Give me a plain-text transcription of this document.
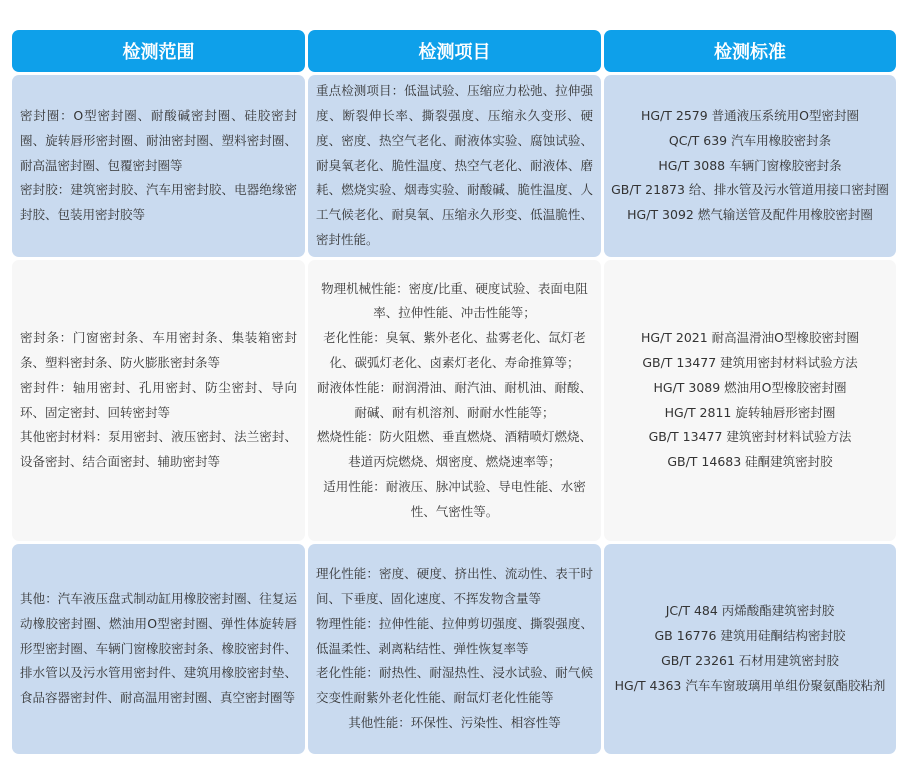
检测范围	检测项目	检测标准
密封圈：O型密封圈、耐酸碱密封圈、硅胶密封圈、旋转唇形密封圈、耐油密封圈、塑料密封圈、耐高温密封圈、包覆密封圈等
密封胶：建筑密封胶、汽车用密封胶、电器绝缘密封胶、包装用密封胶等
重点检测项目：低温试验、压缩应力松弛、拉伸强度、断裂伸长率、撕裂强度、压缩永久变形、硬度、密度、热空气老化、耐液体实验、腐蚀试验、耐臭氧老化、脆性温度、热空气老化、耐液体、磨耗、燃烧实验、烟毒实验、耐酸碱、脆性温度、人工气候老化、耐臭氧、压缩永久形变、低温脆性、密封性能。
HG/T 2579 普通液压系统用O型密封圈
QC/T 639 汽车用橡胶密封条
HG/T 3088 车辆门窗橡胶密封条
GB/T 21873 给、排水管及污水管道用接口密封圈
HG/T 3092 燃气输送管及配件用橡胶密封圈
密封条：门窗密封条、车用密封条、集装箱密封条、塑料密封条、防火膨胀密封条等
密封件：轴用密封、孔用密封、防尘密封、导向环、固定密封、回转密封等
其他密封材料：泵用密封、液压密封、法兰密封、设备密封、结合面密封、辅助密封等
物理机械性能：密度/比重、硬度试验、表面电阻率、拉伸性能、冲击性能等；
老化性能：臭氧、紫外老化、盐雾老化、氙灯老化、碳弧灯老化、卤素灯老化、寿命推算等；
耐液体性能：耐润滑油、耐汽油、耐机油、耐酸、耐碱、耐有机溶剂、耐耐水性能等；
燃烧性能：防火阻燃、垂直燃烧、酒精喷灯燃烧、巷道丙烷燃烧、烟密度、燃烧速率等；
适用性能：耐液压、脉冲试验、导电性能、水密性、气密性等。
HG/T 2021 耐高温滑油O型橡胶密封圈
GB/T 13477 建筑用密封材料试验方法
HG/T 3089 燃油用O型橡胶密封圈
HG/T 2811 旋转轴唇形密封圈
GB/T 13477 建筑密封材料试验方法
GB/T 14683 硅酮建筑密封胶
其他：汽车液压盘式制动缸用橡胶密封圈、往复运动橡胶密封圈、燃油用O型密封圈、弹性体旋转唇形型密封圈、车辆门窗橡胶密封条、橡胶密封件、排水管以及污水管用密封件、建筑用橡胶密封垫、食品容器密封件、耐高温用密封圈、真空密封圈等
理化性能：密度、硬度、挤出性、流动性、表干时间、下垂度、固化速度、不挥发物含量等
物理性能：拉伸性能、拉伸剪切强度、撕裂强度、低温柔性、剥离粘结性、弹性恢复率等
老化性能：耐热性、耐湿热性、浸水试验、耐气候交变性耐紫外老化性能、耐氙灯老化性能等
其他性能：环保性、污染性、相容性等
JC/T 484 丙烯酸酯建筑密封胶
GB 16776 建筑用硅酮结构密封胶
GB/T 23261 石材用建筑密封胶
HG/T 4363 汽车车窗玻璃用单组份聚氨酯胶粘剂
